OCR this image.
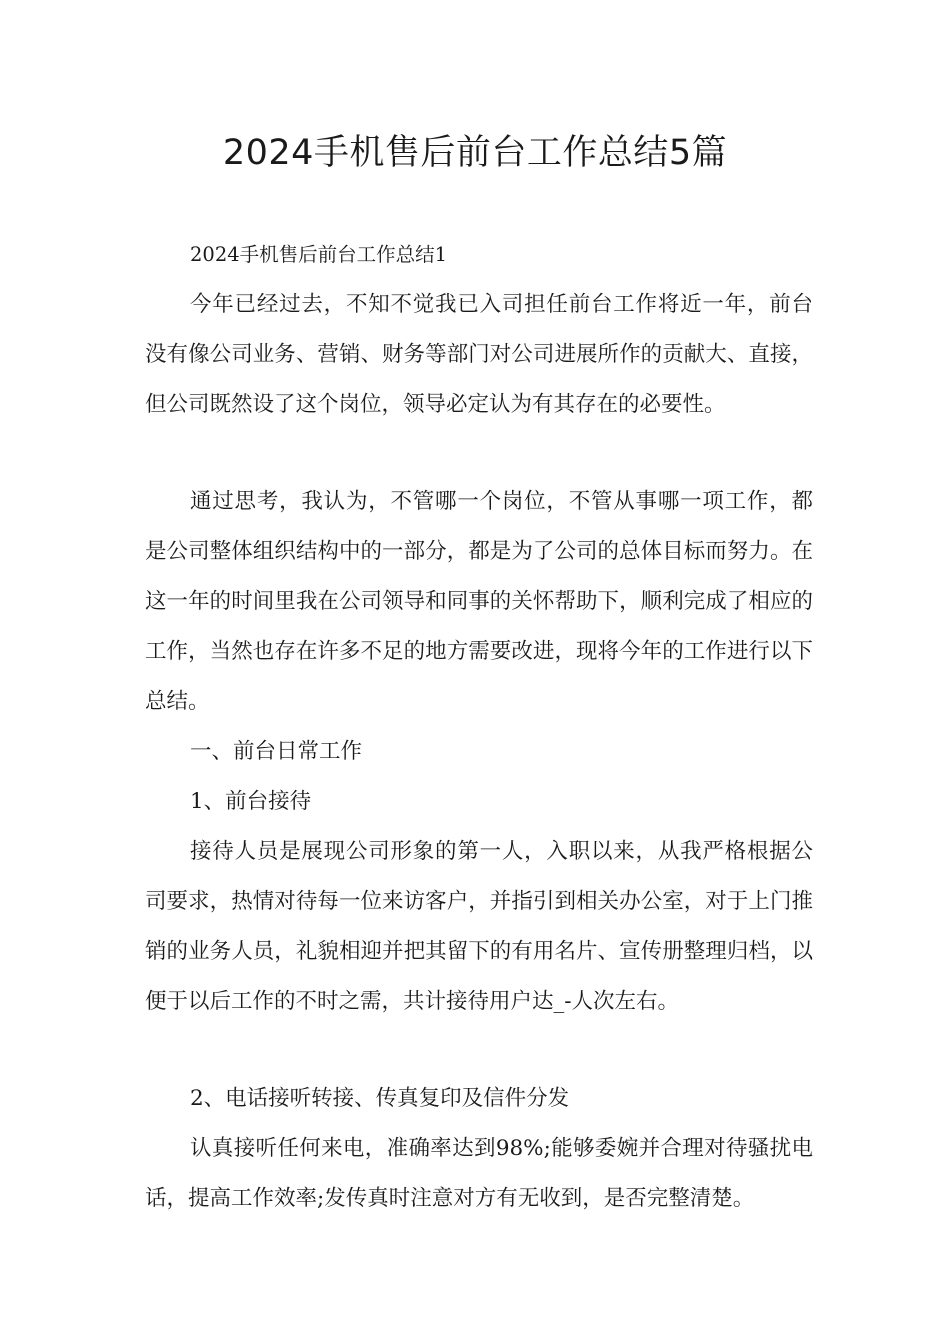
2024手机售后前台工作总结5篇

2024手机售后前台工作总结1

今年已经过去，不知不觉我已入司担任前台工作将近一年，前台没有像公司业务、营销、财务等部门对公司进展所作的贡献大、直接，但公司既然设了这个岗位，领导必定认为有其存在的必要性。

通过思考，我认为，不管哪一个岗位，不管从事哪一项工作，都是公司整体组织结构中的一部分，都是为了公司的总体目标而努力。在这一年的时间里我在公司领导和同事的关怀帮助下，顺利完成了相应的工作，当然也存在许多不足的地方需要改进，现将今年的工作进行以下总结。

一、前台日常工作

1、前台接待

接待人员是展现公司形象的第一人，入职以来，从我严格根据公司要求，热情对待每一位来访客户，并指引到相关办公室，对于上门推销的业务人员，礼貌相迎并把其留下的有用名片、宣传册整理归档，以便于以后工作的不时之需，共计接待用户达_-人次左右。

2、电话接听转接、传真复印及信件分发

认真接听任何来电，准确率达到98%;能够委婉并合理对待骚扰电话，提高工作效率;发传真时注意对方有无收到，是否完整清楚。
